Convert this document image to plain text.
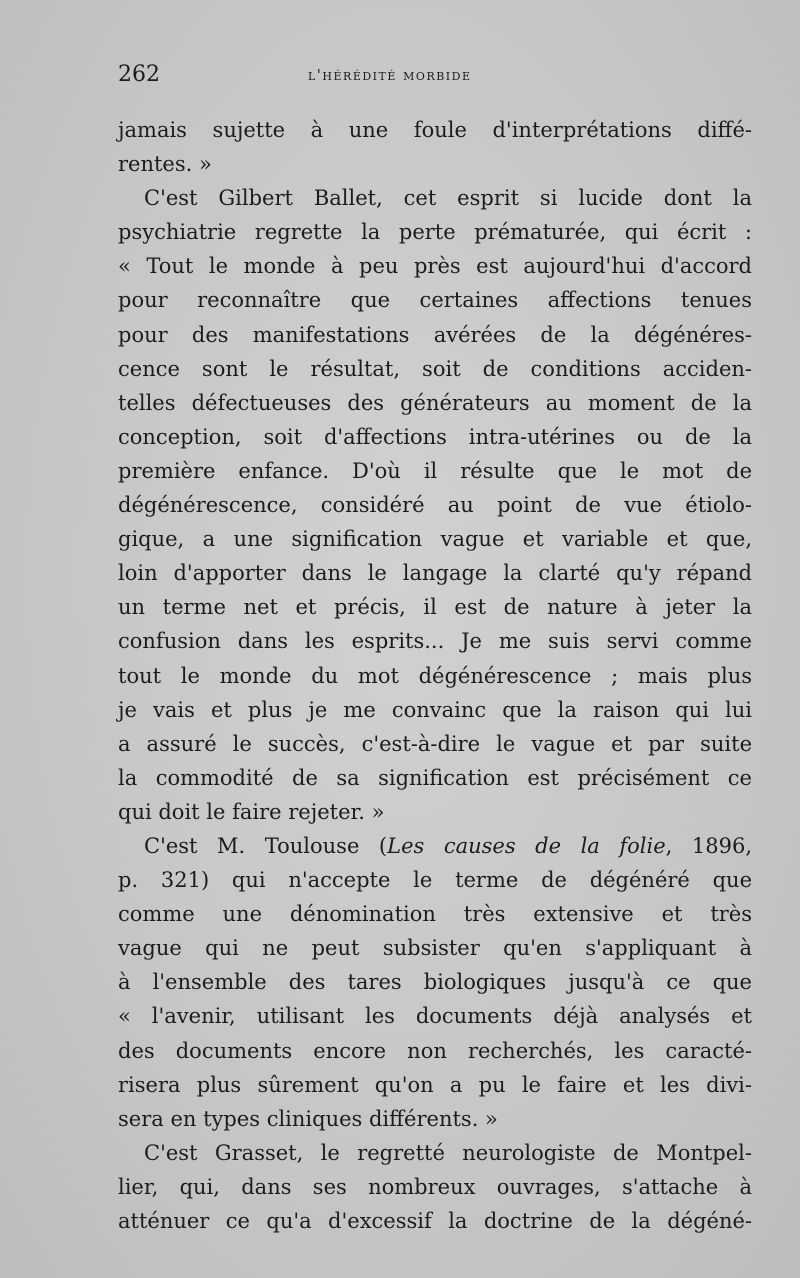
262	l'hérédité morbide
jamais sujette à une foule d'interprétations diffé-
rentes. »
C'est Gilbert Ballet, cet esprit si lucide dont la
psychiatrie regrette la perte prématurée, qui écrit :
« Tout le monde à peu près est aujourd'hui d'accord
pour reconnaître que certaines affections tenues
pour des manifestations avérées de la dégénéres-
cence sont le résultat, soit de conditions acciden-
telles défectueuses des générateurs au moment de la
conception, soit d'affections intra-utérines ou de la
première enfance. D'où il résulte que le mot de
dégénérescence, considéré au point de vue étiolo-
gique, a une signification vague et variable et que,
loin d'apporter dans le langage la clarté qu'y répand
un terme net et précis, il est de nature à jeter la
confusion dans les esprits... Je me suis servi comme
tout le monde du mot dégénérescence ; mais plus
je vais et plus je me convainc que la raison qui lui
a assuré le succès, c'est-à-dire le vague et par suite
la commodité de sa signification est précisément ce
qui doit le faire rejeter. »
C'est M. Toulouse (Les causes de la folie, 1896,
p. 321) qui n'accepte le terme de dégénéré que
comme une dénomination très extensive et très
vague qui ne peut subsister qu'en s'appliquant à
à l'ensemble des tares biologiques jusqu'à ce que
« l'avenir, utilisant les documents déjà analysés et
des documents encore non recherchés, les caracté-
risera plus sûrement qu'on a pu le faire et les divi-
sera en types cliniques différents. »
C'est Grasset, le regretté neurologiste de Montpel-
lier, qui, dans ses nombreux ouvrages, s'attache à
atténuer ce qu'a d'excessif la doctrine de la dégéné-
